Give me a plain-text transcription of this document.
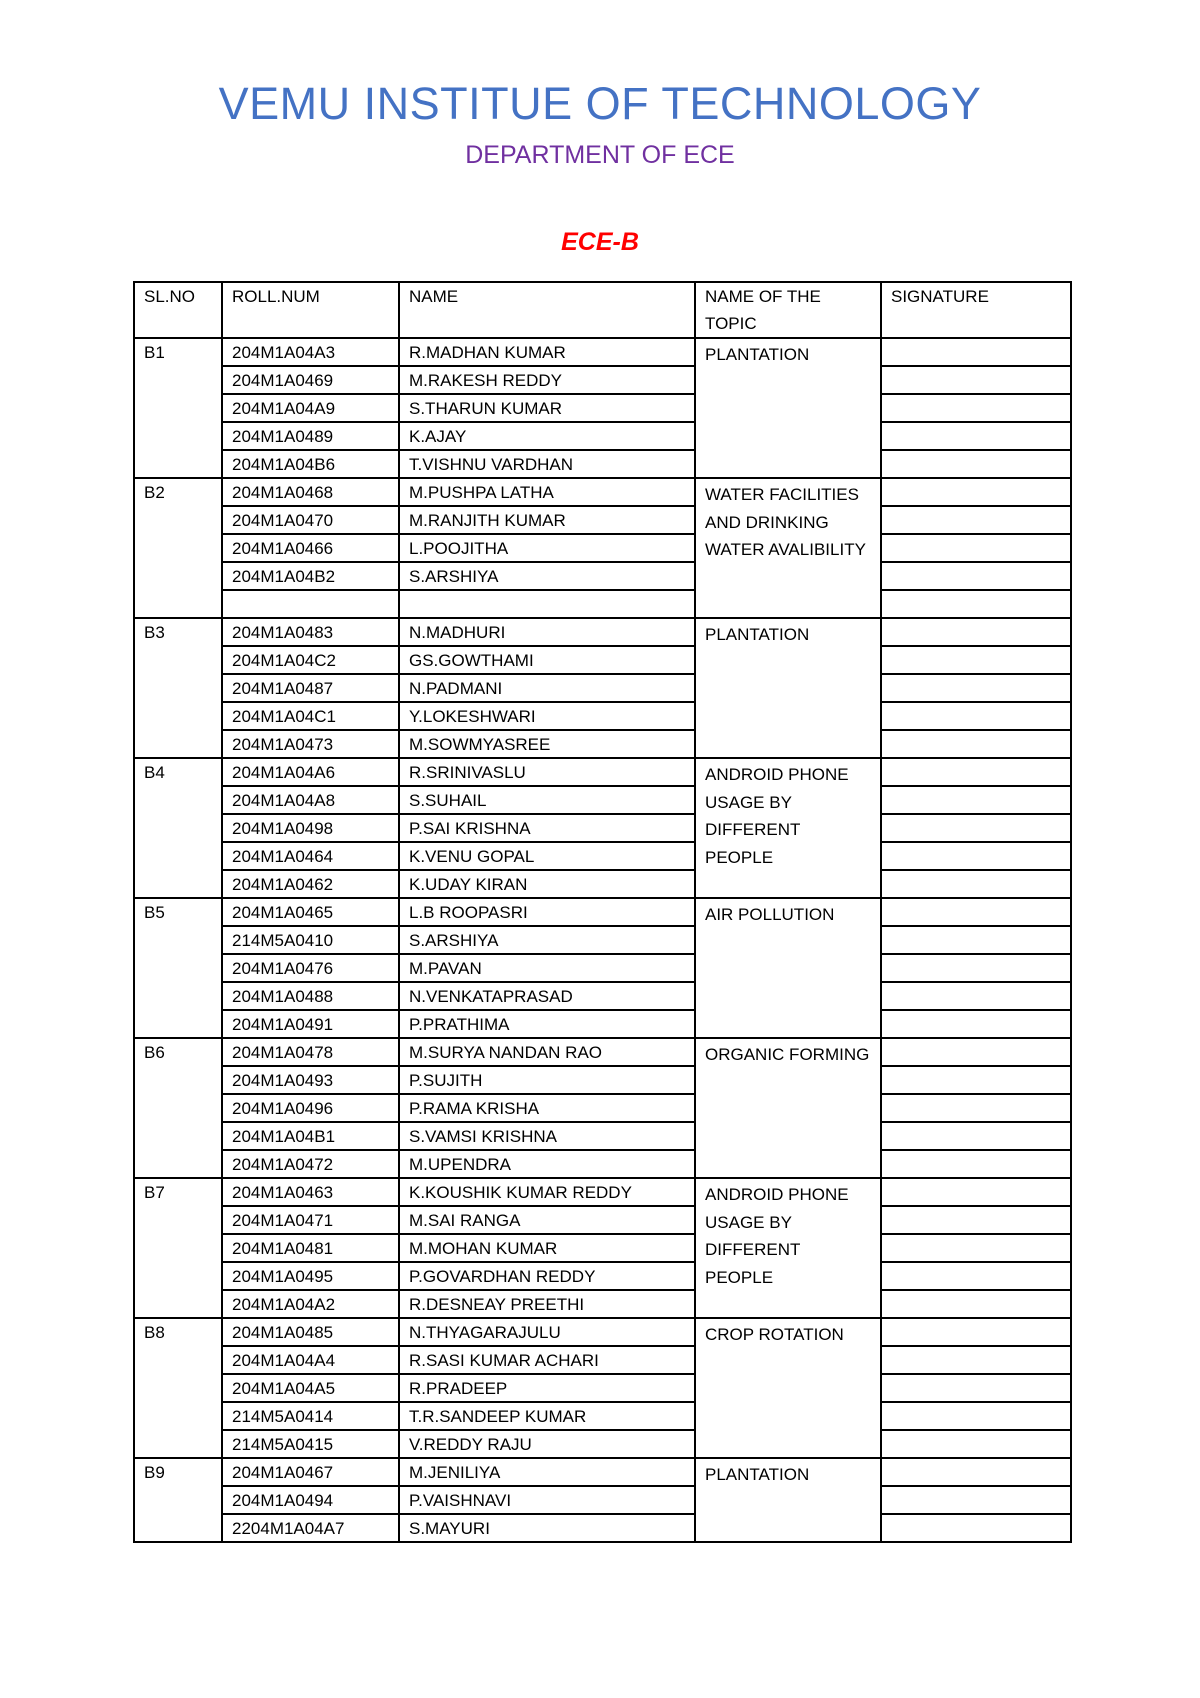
VEMU INSTITUE OF TECHNOLOGY
DEPARTMENT OF ECE
ECE-B
SL.NO	ROLL.NUM	NAME	NAME OF THE TOPIC	SIGNATURE
B1	204M1A04A3	R.MADHAN KUMAR	PLANTATION	
	204M1A0469	M.RAKESH REDDY		
	204M1A04A9	S.THARUN KUMAR		
	204M1A0489	K.AJAY		
	204M1A04B6	T.VISHNU VARDHAN		
B2	204M1A0468	M.PUSHPA LATHA	WATER FACILITIES AND DRINKING WATER AVALIBILITY	
	204M1A0470	M.RANJITH KUMAR		
	204M1A0466	L.POOJITHA		
	204M1A04B2	S.ARSHIYA		

B3	204M1A0483	N.MADHURI	PLANTATION	
	204M1A04C2	GS.GOWTHAMI		
	204M1A0487	N.PADMANI		
	204M1A04C1	Y.LOKESHWARI		
	204M1A0473	M.SOWMYASREE		
B4	204M1A04A6	R.SRINIVASLU	ANDROID PHONE USAGE BY DIFFERENT PEOPLE	
	204M1A04A8	S.SUHAIL		
	204M1A0498	P.SAI KRISHNA		
	204M1A0464	K.VENU GOPAL		
	204M1A0462	K.UDAY KIRAN		
B5	204M1A0465	L.B ROOPASRI	AIR POLLUTION	
	214M5A0410	S.ARSHIYA		
	204M1A0476	M.PAVAN		
	204M1A0488	N.VENKATAPRASAD		
	204M1A0491	P.PRATHIMA		
B6	204M1A0478	M.SURYA NANDAN RAO	ORGANIC FORMING	
	204M1A0493	P.SUJITH		
	204M1A0496	P.RAMA KRISHA		
	204M1A04B1	S.VAMSI KRISHNA		
	204M1A0472	M.UPENDRA		
B7	204M1A0463	K.KOUSHIK KUMAR REDDY	ANDROID PHONE USAGE BY DIFFERENT PEOPLE	
	204M1A0471	M.SAI RANGA		
	204M1A0481	M.MOHAN KUMAR		
	204M1A0495	P.GOVARDHAN REDDY		
	204M1A04A2	R.DESNEAY PREETHI		
B8	204M1A0485	N.THYAGARAJULU	CROP ROTATION	
	204M1A04A4	R.SASI KUMAR ACHARI		
	204M1A04A5	R.PRADEEP		
	214M5A0414	T.R.SANDEEP KUMAR		
	214M5A0415	V.REDDY RAJU		
B9	204M1A0467	M.JENILIYA	PLANTATION	
	204M1A0494	P.VAISHNAVI		
	2204M1A04A7	S.MAYURI		
